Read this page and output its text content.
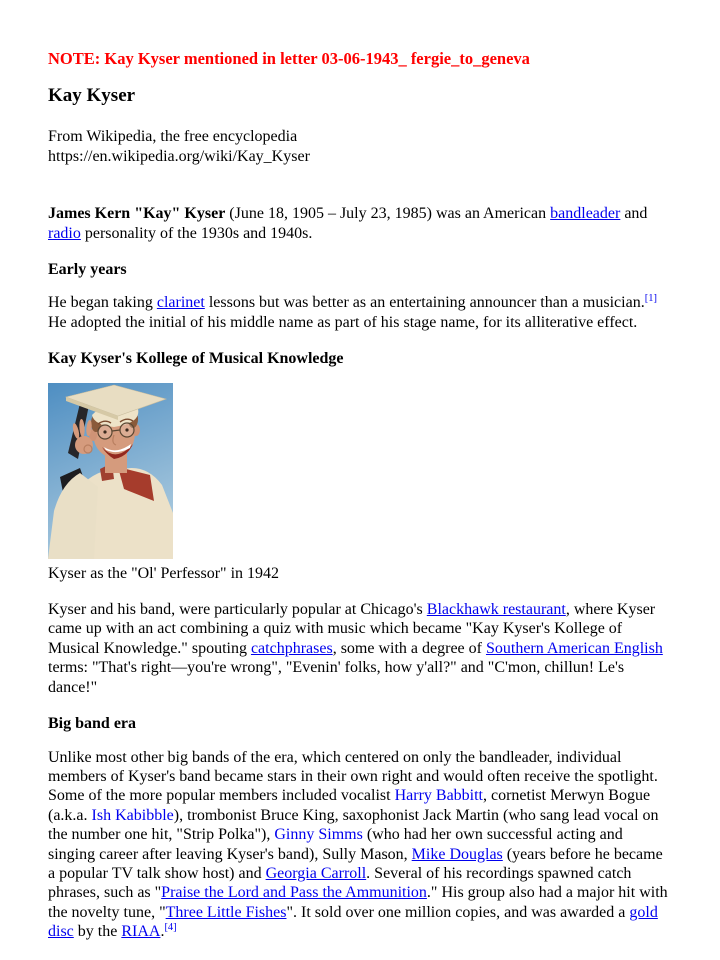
NOTE: Kay Kyser mentioned in letter 03-06-1943_ fergie_to_geneva

Kay Kyser

From Wikipedia, the free encyclopedia

https://en.wikipedia.org/wiki/Kay_Kyser

James Kern "Kay" Kyser (June 18, 1905 – July 23, 1985) was an American bandleader and radio personality of the 1930s and 1940s.

Early years

He began taking clarinet lessons but was better as an entertaining announcer than a musician.[1] He adopted the initial of his middle name as part of his stage name, for its alliterative effect.

Kay Kyser's Kollege of Musical Knowledge
Kyser as the "Ol' Perfessor" in 1942

Kyser and his band, were particularly popular at Chicago's Blackhawk restaurant, where Kyser came up with an act combining a quiz with music which became "Kay Kyser's Kollege of Musical Knowledge." spouting catchphrases, some with a degree of Southern American English terms: "That's right—you're wrong", "Evenin' folks, how y'all?" and "C'mon, chillun! Le's dance!"

Big band era

Unlike most other big bands of the era, which centered on only the bandleader, individual members of Kyser's band became stars in their own right and would often receive the spotlight. Some of the more popular members included vocalist Harry Babbitt, cornetist Merwyn Bogue (a.k.a. Ish Kabibble), trombonist Bruce King, saxophonist Jack Martin (who sang lead vocal on the number one hit, "Strip Polka"), Ginny Simms (who had her own successful acting and singing career after leaving Kyser's band), Sully Mason, Mike Douglas (years before he became a popular TV talk show host) and Georgia Carroll. Several of his recordings spawned catch phrases, such as "Praise the Lord and Pass the Ammunition." His group also had a major hit with the novelty tune, "Three Little Fishes". It sold over one million copies, and was awarded a gold disc by the RIAA.[4]
